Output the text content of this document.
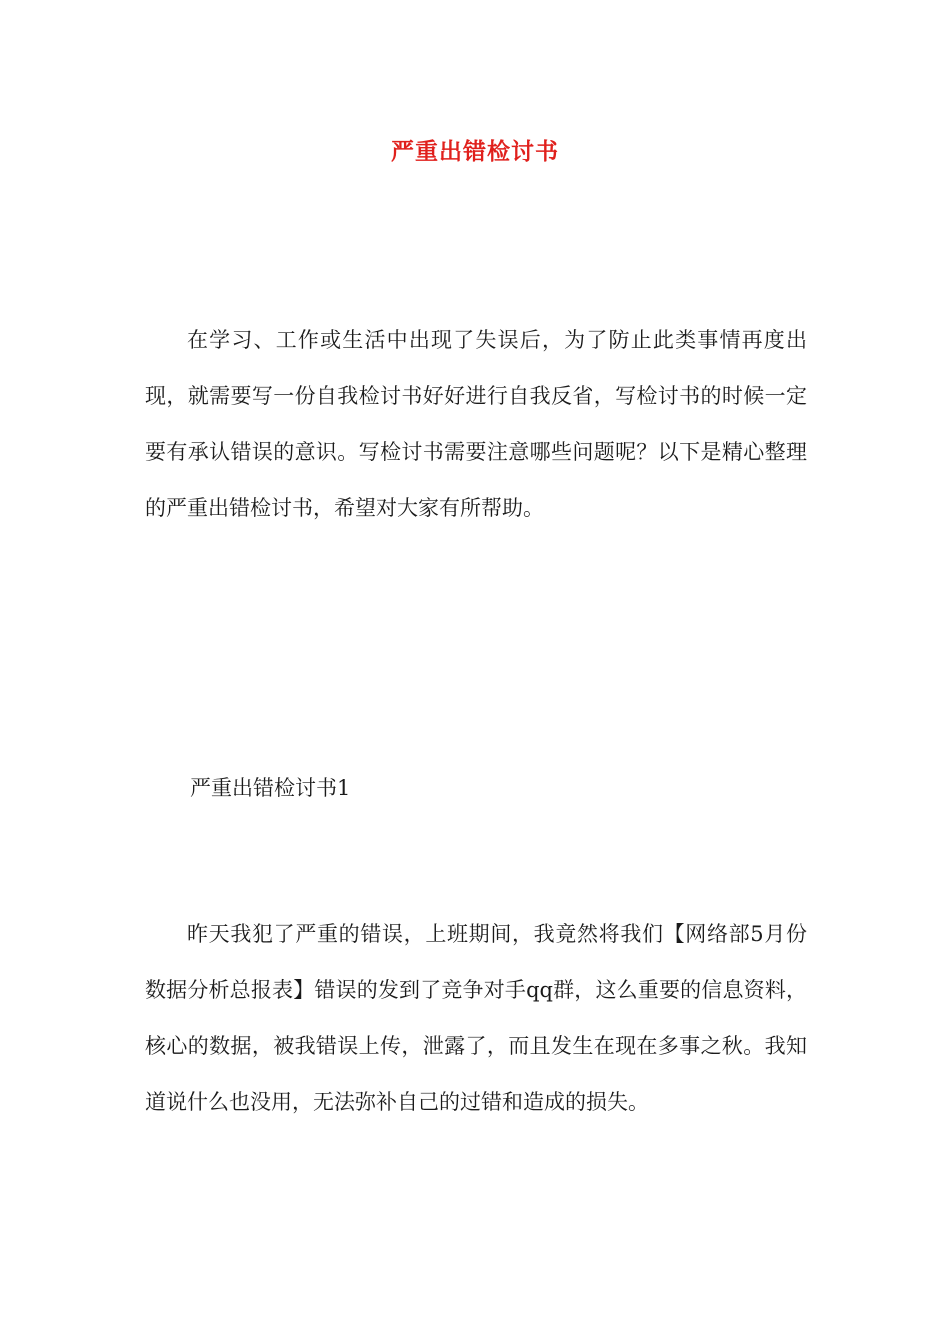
严重出错检讨书

在学习、工作或生活中出现了失误后，为了防止此类事情再度出现，就需要写一份自我检讨书好好进行自我反省，写检讨书的时候一定要有承认错误的意识。写检讨书需要注意哪些问题呢？以下是精心整理的严重出错检讨书，希望对大家有所帮助。

严重出错检讨书1

昨天我犯了严重的错误，上班期间，我竟然将我们【网络部5月份数据分析总报表】错误的发到了竞争对手qq群，这么重要的信息资料，核心的数据，被我错误上传，泄露了，而且发生在现在多事之秋。我知道说什么也没用，无法弥补自己的过错和造成的损失。
